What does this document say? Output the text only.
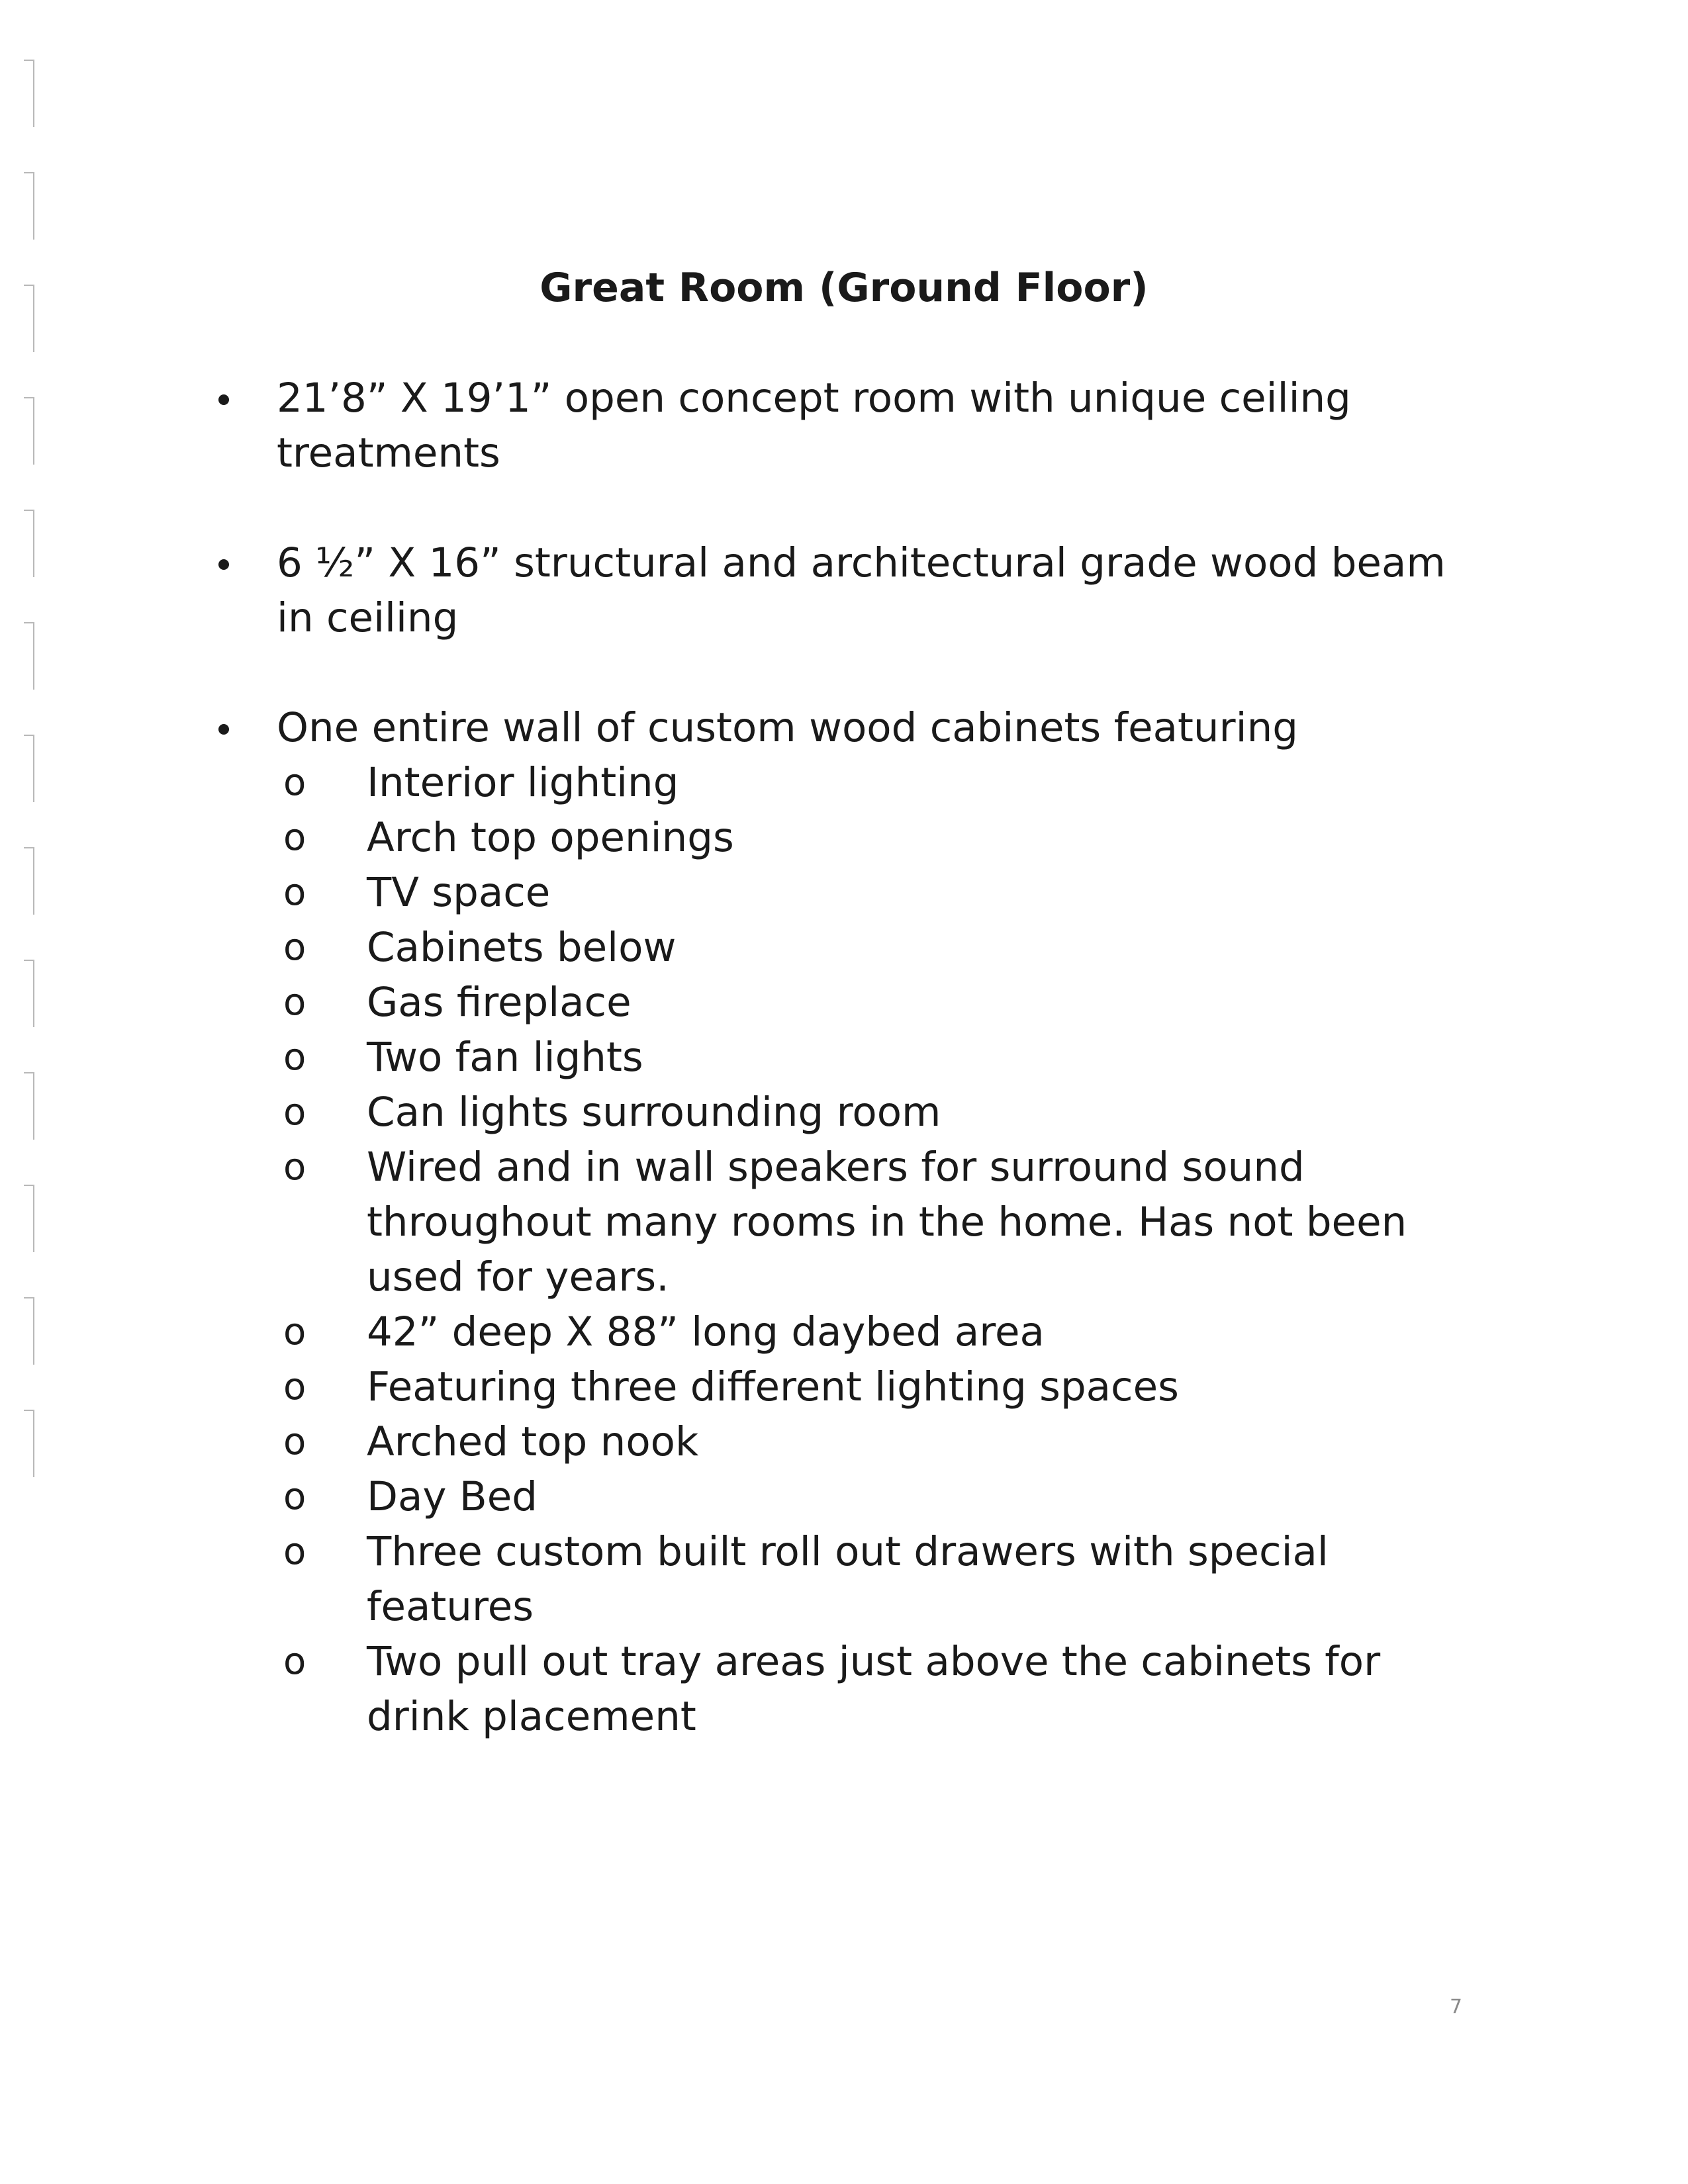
Great Room (Ground Floor)
21’8” X 19’1” open concept room with unique ceiling treatments
6 ½” X 16” structural and architectural grade wood beam in ceiling
One entire wall of custom wood cabinets featuring
o Interior lighting
o Arch top openings
o TV space
o Cabinets below
o Gas fireplace
o Two fan lights
o Can lights surrounding room
o Wired and in wall speakers for surround sound throughout many rooms in the home. Has not been used for years.
o 42” deep X 88” long daybed area
o Featuring three different lighting spaces
o Arched top nook
o Day Bed
o Three custom built roll out drawers with special features
o Two pull out tray areas just above the cabinets for drink placement
7
